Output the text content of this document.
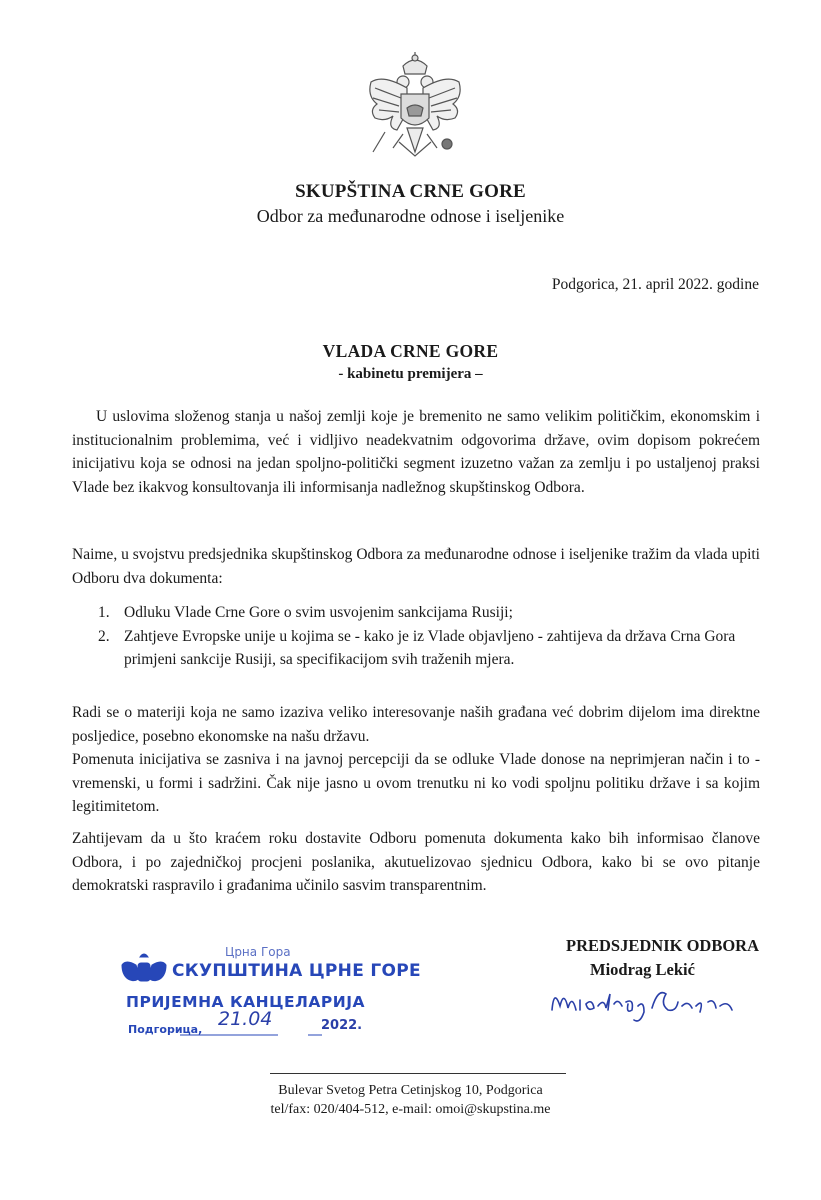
SKUPŠTINA CRNE GORE
Odbor za međunarodne odnose i iseljenike
Podgorica, 21. april 2022. godine
VLADA CRNE GORE
- kabinetu premijera –

U uslovima složenog stanja u našoj zemlji koje je bremenito ne samo velikim političkim, ekonomskim i institucionalnim problemima, već i vidljivo neadekvatnim odgovorima države, ovim dopisom pokrećem inicijativu koja se odnosi na jedan spoljno-politički segment izuzetno važan za zemlju i po ustaljenoj praksi Vlade bez ikakvog konsultovanja ili informisanja nadležnog skupštinskog Odbora.

Naime, u svojstvu predsjednika skupštinskog Odbora za međunarodne odnose i iseljenike tražim da vlada upiti Odboru dva dokumenta:

1. Odluku Vlade Crne Gore o svim usvojenim sankcijama Rusiji;
2. Zahtjeve Evropske unije u kojima se - kako je iz Vlade objavljeno - zahtijeva da država Crna Gora primjeni sankcije Rusiji, sa specifikacijom svih traženih mjera.
Radi se o materiji koja ne samo izaziva veliko interesovanje naših građana već dobrim dijelom ima direktne posljedice, posebno ekonomske na našu državu.
Pomenuta inicijativa se zasniva i na javnoj percepciji da se odluke Vlade donose na neprimjeran način i to - vremenski, u formi i sadržini. Čak nije jasno u ovom trenutku ni ko vodi spoljnu politiku države i sa kojim legitimitetom.

Zahtijevam da u što kraćem roku dostavite Odboru pomenuta dokumenta kako bih informisao članove Odbora, i po zajedničkoj procjeni poslanika, akutuelizovao sjednicu Odbora, kako bi se ovo pitanje demokratski raspravilo i građanima učinilo sasvim transparentnim.

Црна Гора
СКУПШТИНА ЦРНЕ ГОРЕ
ПРИЈЕМНА КАНЦЕЛАРИЈА
Подгорица, 21.04	2022.
PREDSJEDNIK ODBORA
Miodrag Lekić
Bulevar Svetog Petra Cetinjskog 10, Podgorica
tel/fax: 020/404-512, e-mail: omoi@skupstina.me
